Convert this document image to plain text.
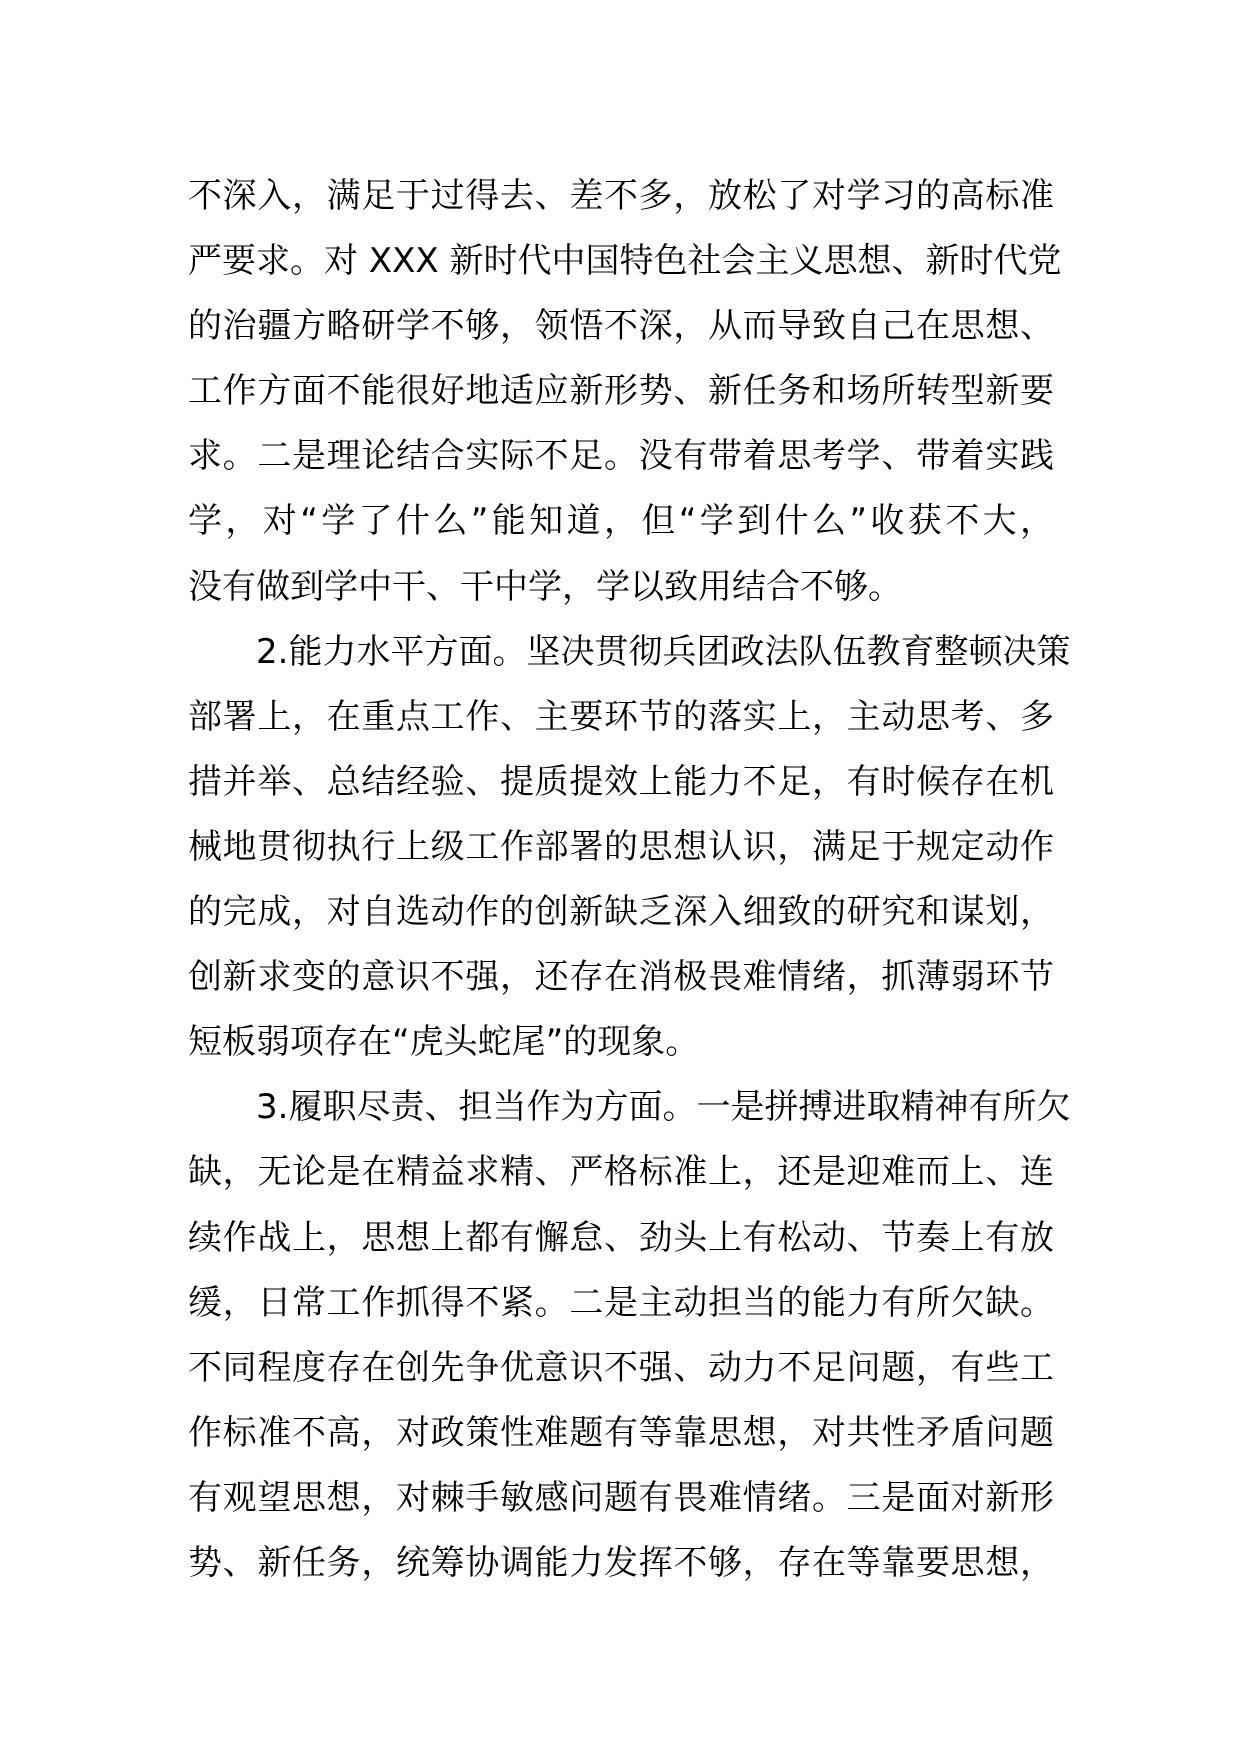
不深入，满足于过得去、差不多，放松了对学习的高标准
严要求。对 XXX 新时代中国特色社会主义思想、新时代党
的治疆方略研学不够，领悟不深，从而导致自己在思想、
工作方面不能很好地适应新形势、新任务和场所转型新要
求。二是理论结合实际不足。没有带着思考学、带着实践
学，对“学了什么”能知道，但“学到什么”收获不大，
没有做到学中干、干中学，学以致用结合不够。
2.能力水平方面。坚决贯彻兵团政法队伍教育整顿决策
部署上，在重点工作、主要环节的落实上，主动思考、多
措并举、总结经验、提质提效上能力不足，有时候存在机
械地贯彻执行上级工作部署的思想认识，满足于规定动作
的完成，对自选动作的创新缺乏深入细致的研究和谋划，
创新求变的意识不强，还存在消极畏难情绪，抓薄弱环节
短板弱项存在“虎头蛇尾”的现象。
3.履职尽责、担当作为方面。一是拼搏进取精神有所欠
缺，无论是在精益求精、严格标准上，还是迎难而上、连
续作战上，思想上都有懈怠、劲头上有松动、节奏上有放
缓，日常工作抓得不紧。二是主动担当的能力有所欠缺。
不同程度存在创先争优意识不强、动力不足问题，有些工
作标准不高，对政策性难题有等靠思想，对共性矛盾问题
有观望思想，对棘手敏感问题有畏难情绪。三是面对新形
势、新任务，统筹协调能力发挥不够，存在等靠要思想，
